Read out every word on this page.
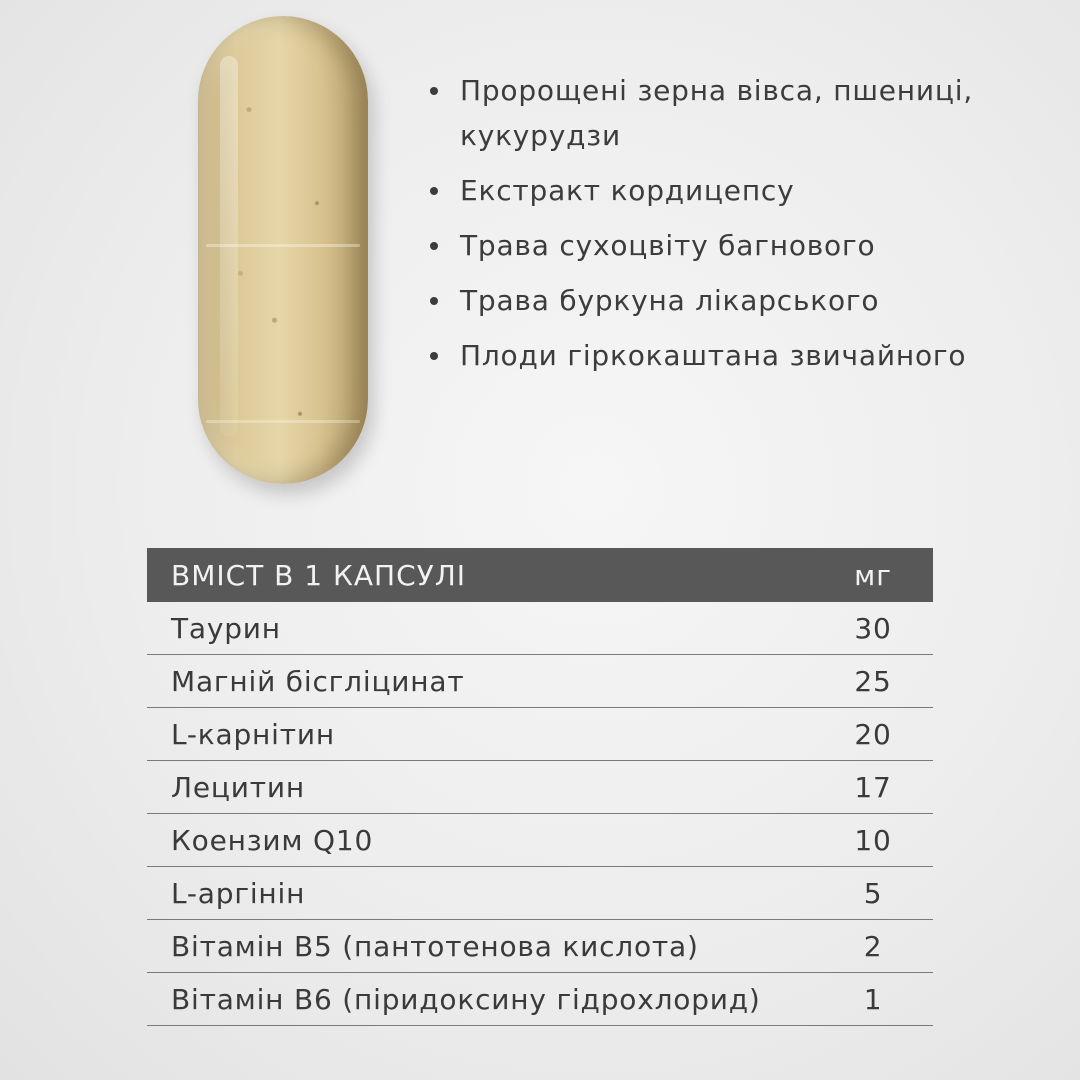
Пророщені зерна вівса, пшениці, кукурудзи
Екстракт кордицепсу
Трава сухоцвіту багнового
Трава буркуна лікарського
Плоди гіркокаштана звичайного
ВМІСТ В 1 КАПСУЛІ	мг
Таурин	30
Магній бісгліцинат	25
L-карнітин	20
Лецитин	17
Коензим Q10	10
L-аргінін	5
Вітамін В5 (пантотенова кислота)	2
Вітамін В6 (піридоксину гідрохлорид)	1
